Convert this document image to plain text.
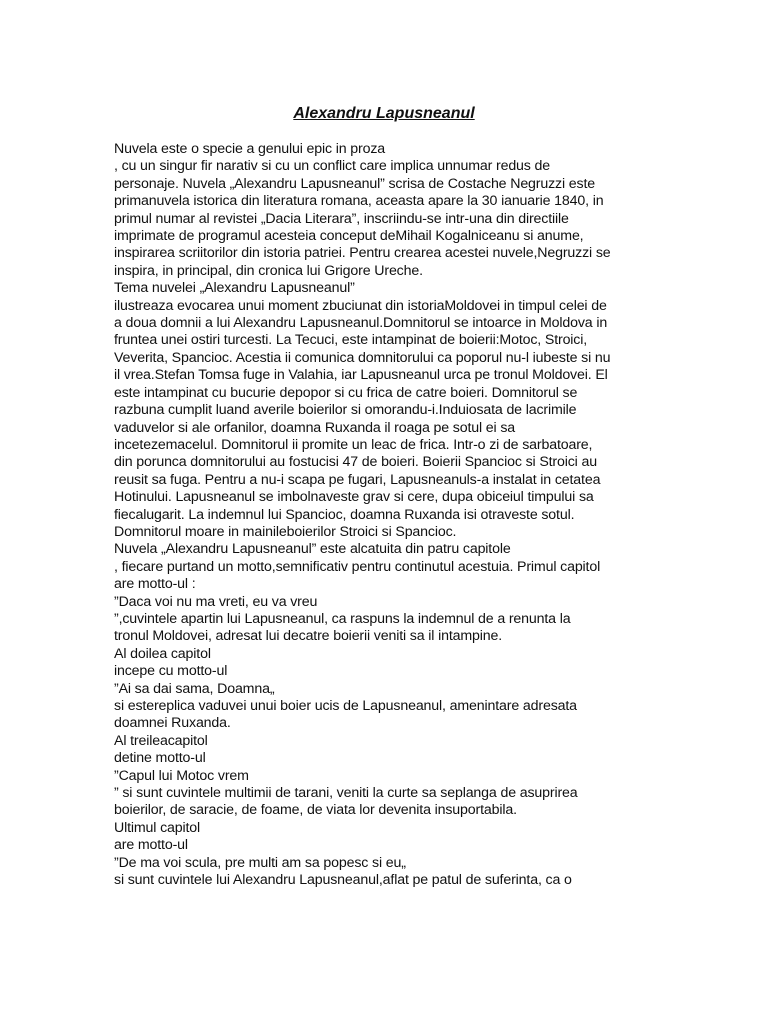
Alexandru Lapusneanul
Nuvela este o specie a genului epic in proza
, cu un singur fir narativ si cu un conflict care implica unnumar redus de
personaje. Nuvela „Alexandru Lapusneanul” scrisa de Costache Negruzzi este
primanuvela istorica din literatura romana, aceasta apare la 30 ianuarie 1840, in
primul numar al revistei „Dacia Literara”, inscriindu-se intr-una din directiile
imprimate de programul acesteia conceput deMihail Kogalniceanu si anume,
inspirarea scriitorilor din istoria patriei. Pentru crearea acestei nuvele,Negruzzi se
inspira, in principal, din cronica lui Grigore Ureche.
Tema nuvelei „Alexandru Lapusneanul”
ilustreaza evocarea unui moment zbuciunat din istoriaMoldovei in timpul celei de
a doua domnii a lui Alexandru Lapusneanul.Domnitorul se intoarce in Moldova in
fruntea unei ostiri turcesti. La Tecuci, este intampinat de boierii:Motoc, Stroici,
Veverita, Spancioc. Acestia ii comunica domnitorului ca poporul nu-l iubeste si nu
il vrea.Stefan Tomsa fuge in Valahia, iar Lapusneanul urca pe tronul Moldovei. El
este intampinat cu bucurie depopor si cu frica de catre boieri. Domnitorul se
razbuna cumplit luand averile boierilor si omorandu-i.Induiosata de lacrimile
vaduvelor si ale orfanilor, doamna Ruxanda il roaga pe sotul ei sa
incetezemacelul. Domnitorul ii promite un leac de frica. Intr-o zi de sarbatoare,
din porunca domnitorului au fostucisi 47 de boieri. Boierii Spancioc si Stroici au
reusit sa fuga. Pentru a nu-i scapa pe fugari, Lapusneanuls-a instalat in cetatea
Hotinului. Lapusneanul se imbolnaveste grav si cere, dupa obiceiul timpului sa
fiecalugarit. La indemnul lui Spancioc, doamna Ruxanda isi otraveste sotul.
Domnitorul moare in mainileboierilor Stroici si Spancioc.
Nuvela „Alexandru Lapusneanul” este alcatuita din patru capitole
, fiecare purtand un motto,semnificativ pentru continutul acestuia. Primul capitol
are motto-ul :
”Daca voi nu ma vreti, eu va vreu
”,cuvintele apartin lui Lapusneanul, ca raspuns la indemnul de a renunta la
tronul Moldovei, adresat lui decatre boierii veniti sa il intampine.
Al doilea capitol
incepe cu motto-ul
”Ai sa dai sama, Doamna„
si estereplica vaduvei unui boier ucis de Lapusneanul, amenintare adresata
doamnei Ruxanda.
Al treileacapitol
detine motto-ul
”Capul lui Motoc vrem
” si sunt cuvintele multimii de tarani, veniti la curte sa seplanga de asuprirea
boierilor, de saracie, de foame, de viata lor devenita insuportabila.
Ultimul capitol
are motto-ul
”De ma voi scula, pre multi am sa popesc si eu„
si sunt cuvintele lui Alexandru Lapusneanul,aflat pe patul de suferinta, ca o
